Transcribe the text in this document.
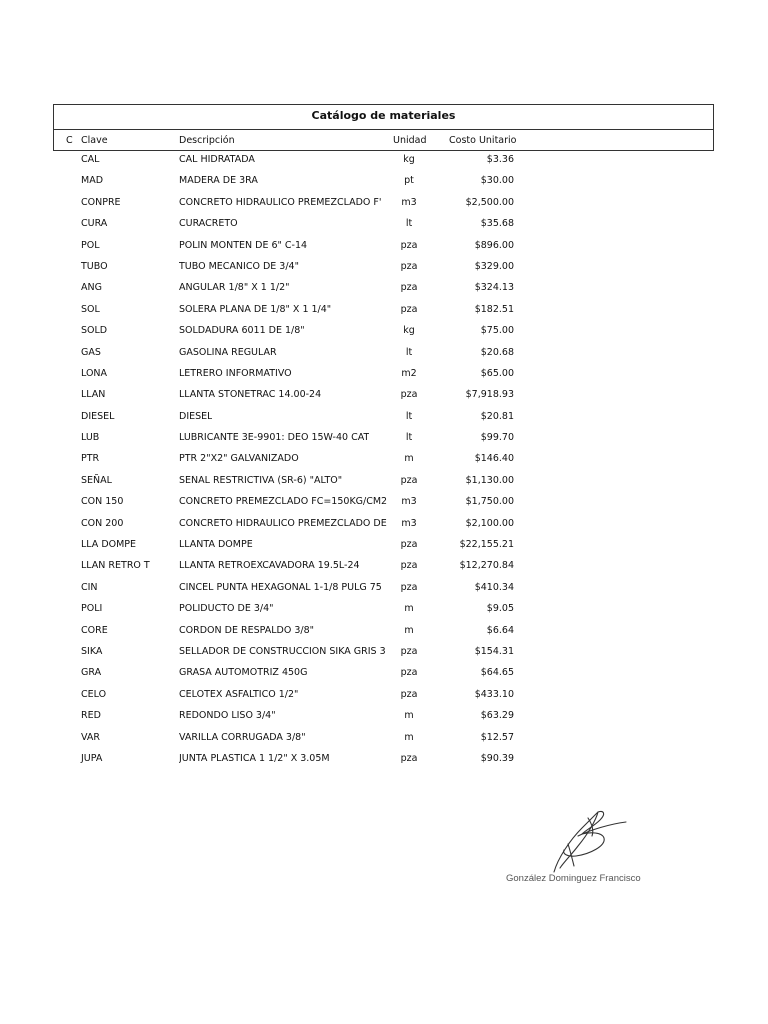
Catálogo de materiales
C Clave	Descripción	Unidad Costo Unitario
CAL	CAL HIDRATADA	kg	$3.36
MAD	MADERA DE 3RA	pt	$30.00
CONPRE	CONCRETO HIDRAULICO PREMEZCLADO F'	m3	$2,500.00
CURA	CURACRETO	lt	$35.68
POL	POLIN MONTEN DE 6" C-14	pza	$896.00
TUBO	TUBO MECANICO DE 3/4"	pza	$329.00
ANG	ANGULAR 1/8" X 1 1/2"	pza	$324.13
SOL	SOLERA PLANA DE 1/8" X 1 1/4"	pza	$182.51
SOLD	SOLDADURA 6011 DE 1/8"	kg	$75.00
GAS	GASOLINA REGULAR	lt	$20.68
LONA	LETRERO INFORMATIVO	m2	$65.00
LLAN	LLANTA STONETRAC 14.00-24	pza	$7,918.93
DIESEL	DIESEL	lt	$20.81
LUB	LUBRICANTE 3E-9901: DEO 15W-40 CAT	lt	$99.70
PTR	PTR 2"X2" GALVANIZADO	m	$146.40
SEÑAL	SEÑAL RESTRICTIVA (SR-6) "ALTO"	pza	$1,130.00
CON 150	CONCRETO PREMEZCLADO FC=150KG/CM2	m3	$1,750.00
CON 200	CONCRETO HIDRAULICO PREMEZCLADO DE	m3	$2,100.00
LLA DOMPE	LLANTA DOMPE	pza	$22,155.21
LLAN RETRO T	LLANTA RETROEXCAVADORA 19.5L-24	pza	$12,270.84
CIN	CINCEL PUNTA HEXAGONAL 1-1/8 PULG 75	pza	$410.34
POLI	POLIDUCTO DE 3/4"	m	$9.05
CORE	CORDON DE RESPALDO 3/8"	m	$6.64
SIKA	SELLADOR DE CONSTRUCCIÓN SIKA GRIS 3	pza	$154.31
GRA	GRASA AUTOMOTRIZ 450G	pza	$64.65
CELO	CELOTEX ASFALTICO 1/2"	pza	$433.10
RED	REDONDO LISO 3/4"	m	$63.29
VAR	VARILLA CORRUGADA 3/8"	m	$12.57
JUPA	JUNTA PLASTICA 1 1/2" X 3.05M	pza	$90.39
González Dominguez Francisco
